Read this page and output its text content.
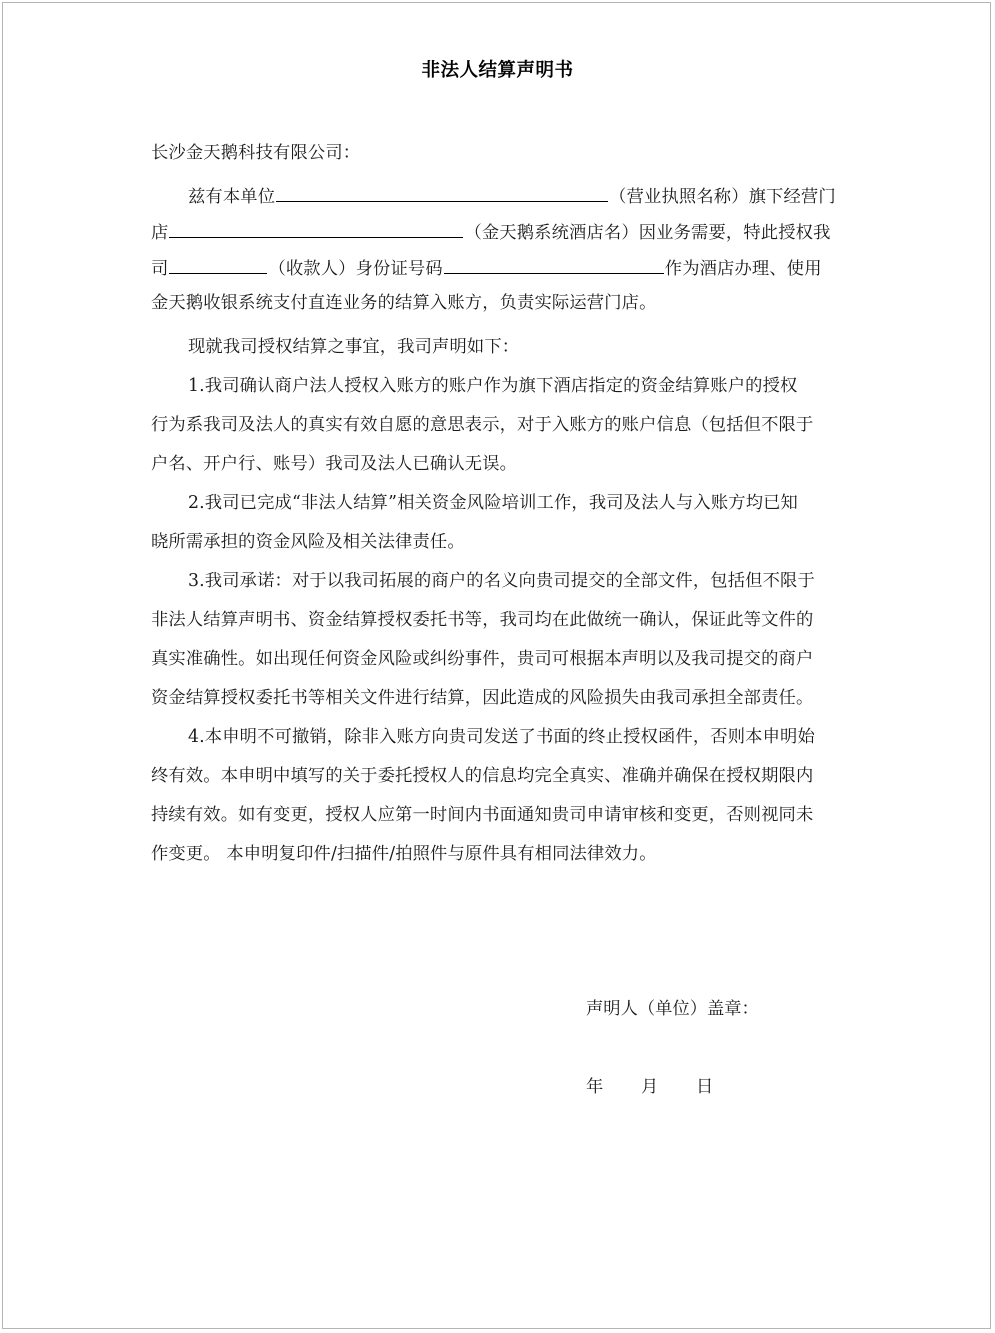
非法人结算声明书
长沙金天鹅科技有限公司：
兹有本单位	（营业执照名称）旗下经营门
店	（金天鹅系统酒店名）因业务需要，特此授权我
司	（收款人）身份证号码	作为酒店办理、使用
金天鹅收银系统支付直连业务的结算入账方，负责实际运营门店。
现就我司授权结算之事宜，我司声明如下：
1.我司确认商户法人授权入账方的账户作为旗下酒店指定的资金结算账户的授权
行为系我司及法人的真实有效自愿的意思表示，对于入账方的账户信息（包括但不限于
户名、开户行、账号）我司及法人已确认无误。
2.我司已完成“非法人结算”相关资金风险培训工作，我司及法人与入账方均已知
晓所需承担的资金风险及相关法律责任。
3.我司承诺：对于以我司拓展的商户的名义向贵司提交的全部文件，包括但不限于
非法人结算声明书、资金结算授权委托书等，我司均在此做统一确认，保证此等文件的
真实准确性。如出现任何资金风险或纠纷事件，贵司可根据本声明以及我司提交的商户
资金结算授权委托书等相关文件进行结算，因此造成的风险损失由我司承担全部责任。
4.本申明不可撤销，除非入账方向贵司发送了书面的终止授权函件，否则本申明始
终有效。本申明中填写的关于委托授权人的信息均完全真实、准确并确保在授权期限内
持续有效。如有变更，授权人应第一时间内书面通知贵司申请审核和变更，否则视同未
作变更。 本申明复印件/扫描件/拍照件与原件具有相同法律效力。
声明人（单位）盖章：
年 月 日
